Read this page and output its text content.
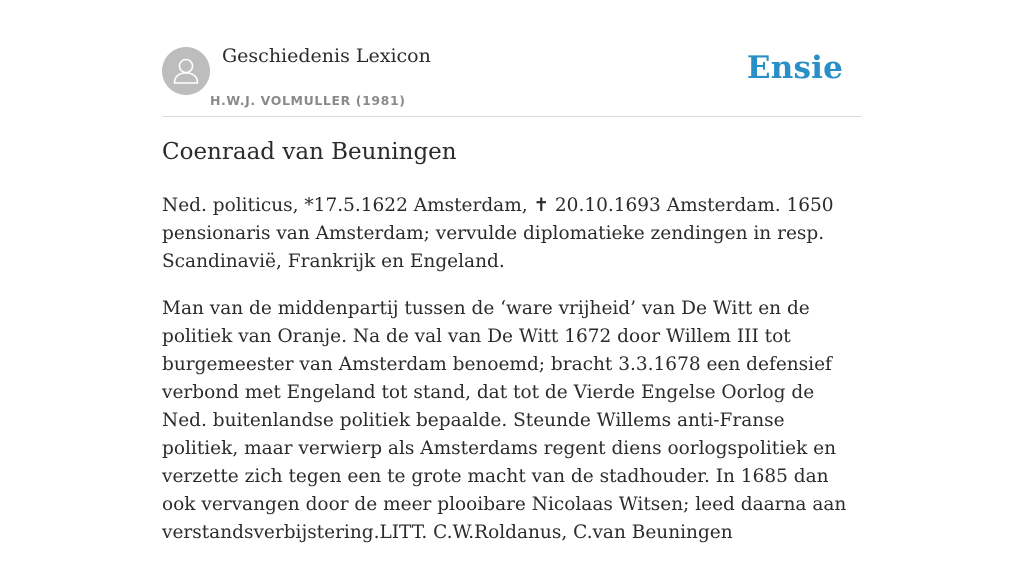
Geschiedenis Lexicon
H.W.J. VOLMULLER (1981)
Ensie
Coenraad van Beuningen

Ned. politicus, *17.5.1622 Amsterdam, ✝ 20.10.1693 Amsterdam. 1650 pensionaris van Amsterdam; vervulde diplomatieke zendingen in resp. Scandinavië, Frankrijk en Engeland.

Man van de middenpartij tussen de ‘ware vrijheid’ van De Witt en de politiek van Oranje. Na de val van De Witt 1672 door Willem III tot burgemeester van Amsterdam benoemd; bracht 3.3.1678 een defensief verbond met Engeland tot stand, dat tot de Vierde Engelse Oorlog de Ned. buitenlandse politiek bepaalde. Steunde Willems anti-Franse politiek, maar verwierp als Amsterdams regent diens oorlogspolitiek en verzette zich tegen een te grote macht van de stadhouder. In 1685 dan ook vervangen door de meer plooibare Nicolaas Witsen; leed daarna aan verstandsverbijstering.LITT. C.W.Roldanus, C.van Beuningen
